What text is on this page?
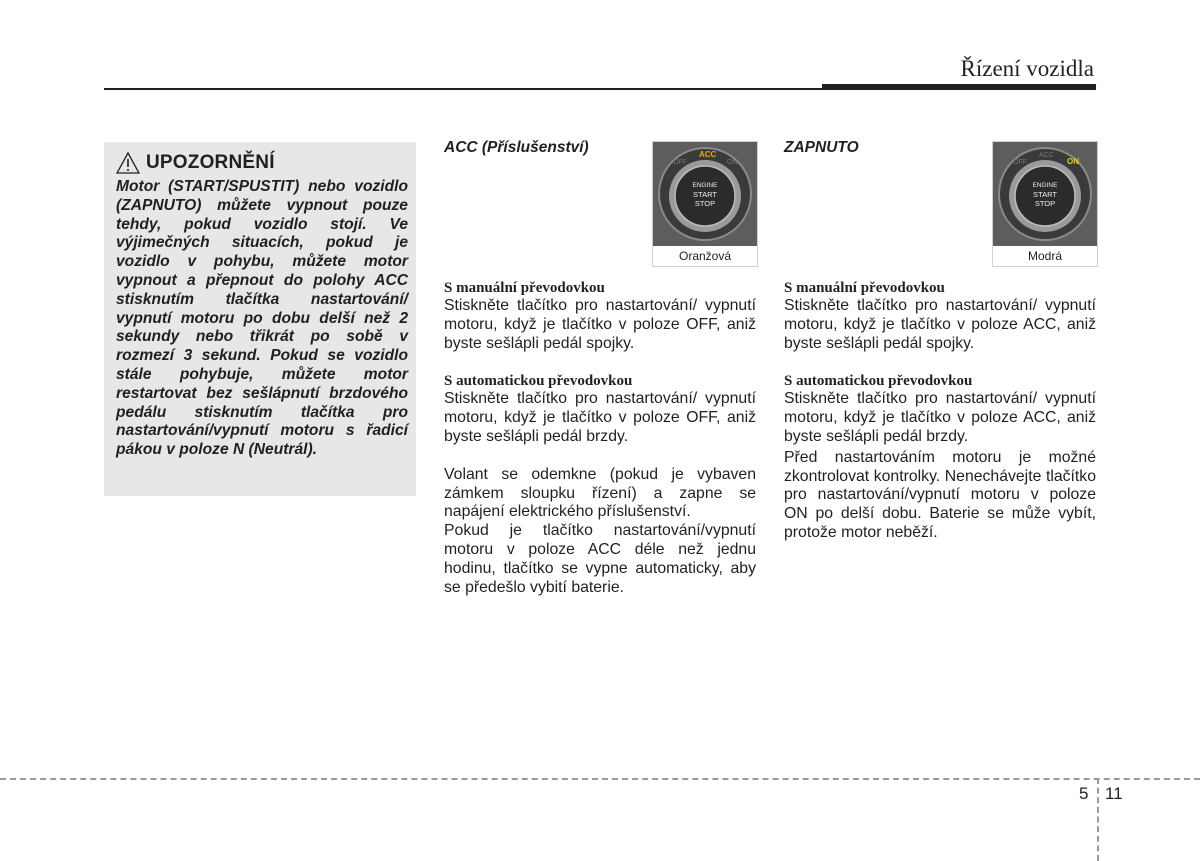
Řízení vozidla
UPOZORNĚNÍ
Motor (START/SPUSTIT) nebo vozidlo (ZAPNUTO) můžete vypnout pouze tehdy, pokud vozidlo stojí. Ve výjimečných situacích, pokud je vozidlo v pohybu, můžete motor vypnout a přepnout do polohy ACC stisknutím tlačítka nastartování/ vypnutí motoru po dobu delší než 2 sekundy nebo třikrát po sobě v rozmezí 3 sekund. Pokud se vozidlo stále pohybuje, můžete motor restartovat bez sešlápnutí brzdového pedálu stisknutím tlačítka pro nastartování/vypnutí motoru s řadicí pákou v poloze N (Neutrál).
ACC (Příslušenství)
OFF
ACC
ON
ENGINE
START
STOP
Oranžová

S manuální převodovkou

Stiskněte tlačítko pro nastartování/ vypnutí motoru, když je tlačítko v poloze OFF, aniž byste sešlápli pedál spojky.

S automatickou převodovkou

Stiskněte tlačítko pro nastartování/ vypnutí motoru, když je tlačítko v poloze OFF, aniž byste sešlápli pedál brzdy.

Volant se odemkne (pokud je vybaven zámkem sloupku řízení) a zapne se napájení elektrického příslušenství.

Pokud je tlačítko nastartování/vypnutí motoru v poloze ACC déle než jednu hodinu, tlačítko se vypne automaticky, aby se předešlo vybití baterie.

ZAPNUTO
OFF
ACC
ON
ENGINE
START
STOP
Modrá

S manuální převodovkou

Stiskněte tlačítko pro nastartování/ vypnutí motoru, když je tlačítko v poloze ACC, aniž byste sešlápli pedál spojky.

S automatickou převodovkou

Stiskněte tlačítko pro nastartování/ vypnutí motoru, když je tlačítko v poloze ACC, aniž byste sešlápli pedál brzdy.

Před nastartováním motoru je možné zkontrolovat kontrolky. Nenechávejte tlačítko pro nastartování/vypnutí motoru v poloze ON po delší dobu. Baterie se může vybít, protože motor neběží.

5 11
